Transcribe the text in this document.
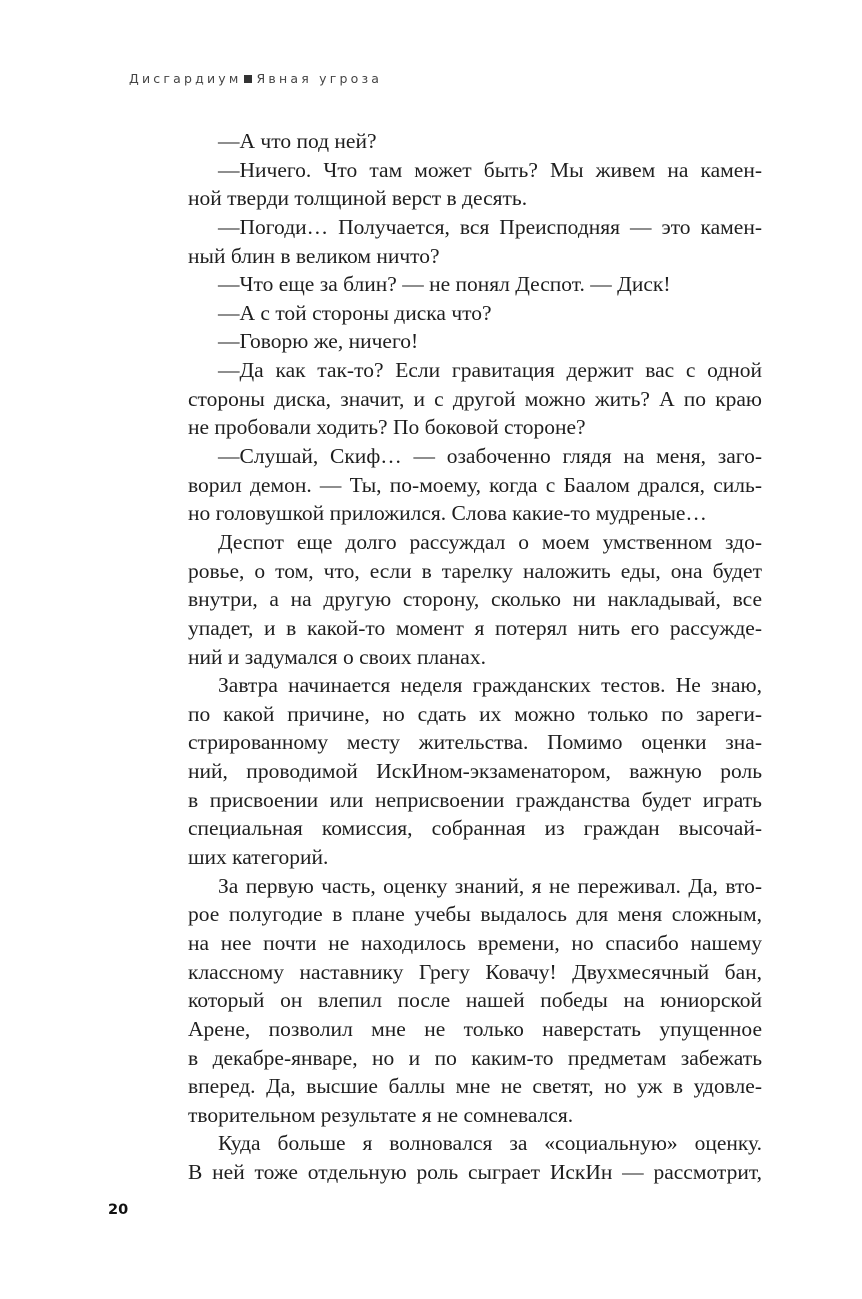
Дисгардиум Явная угроза
—А что под ней?
—Ничего. Что там может быть? Мы живем на камен-
ной тверди толщиной верст в десять.
—Погоди… Получается, вся Преисподняя — это камен-
ный блин в великом ничто?
—Что еще за блин? — не понял Деспот. — Диск!
—А с той стороны диска что?
—Говорю же, ничего!
—Да как так-то? Если гравитация держит вас с одной
стороны диска, значит, и с другой можно жить? А по краю
не пробовали ходить? По боковой стороне?
—Слушай, Скиф… — озабоченно глядя на меня, заго-
ворил демон. — Ты, по-моему, когда с Баалом дрался, силь-
но головушкой приложился. Слова какие-то мудреные…
Деспот еще долго рассуждал о моем умственном здо-
ровье, о том, что, если в тарелку наложить еды, она будет
внутри, а на другую сторону, сколько ни накладывай, все
упадет, и в какой-то момент я потерял нить его рассужде-
ний и задумался о своих планах.
Завтра начинается неделя гражданских тестов. Не знаю,
по какой причине, но сдать их можно только по зареги-
стрированному месту жительства. Помимо оценки зна-
ний, проводимой ИскИном-экзаменатором, важную роль
в присвоении или неприсвоении гражданства будет играть
специальная комиссия, собранная из граждан высочай-
ших категорий.
За первую часть, оценку знаний, я не переживал. Да, вто-
рое полугодие в плане учебы выдалось для меня сложным,
на нее почти не находилось времени, но спасибо нашему
классному наставнику Грегу Ковачу! Двухмесячный бан,
который он влепил после нашей победы на юниорской
Арене, позволил мне не только наверстать упущенное
в декабре-январе, но и по каким-то предметам забежать
вперед. Да, высшие баллы мне не светят, но уж в удовле-
творительном результате я не сомневался.
Куда больше я волновался за «социальную» оценку.
В ней тоже отдельную роль сыграет ИскИн — рассмотрит,
20
